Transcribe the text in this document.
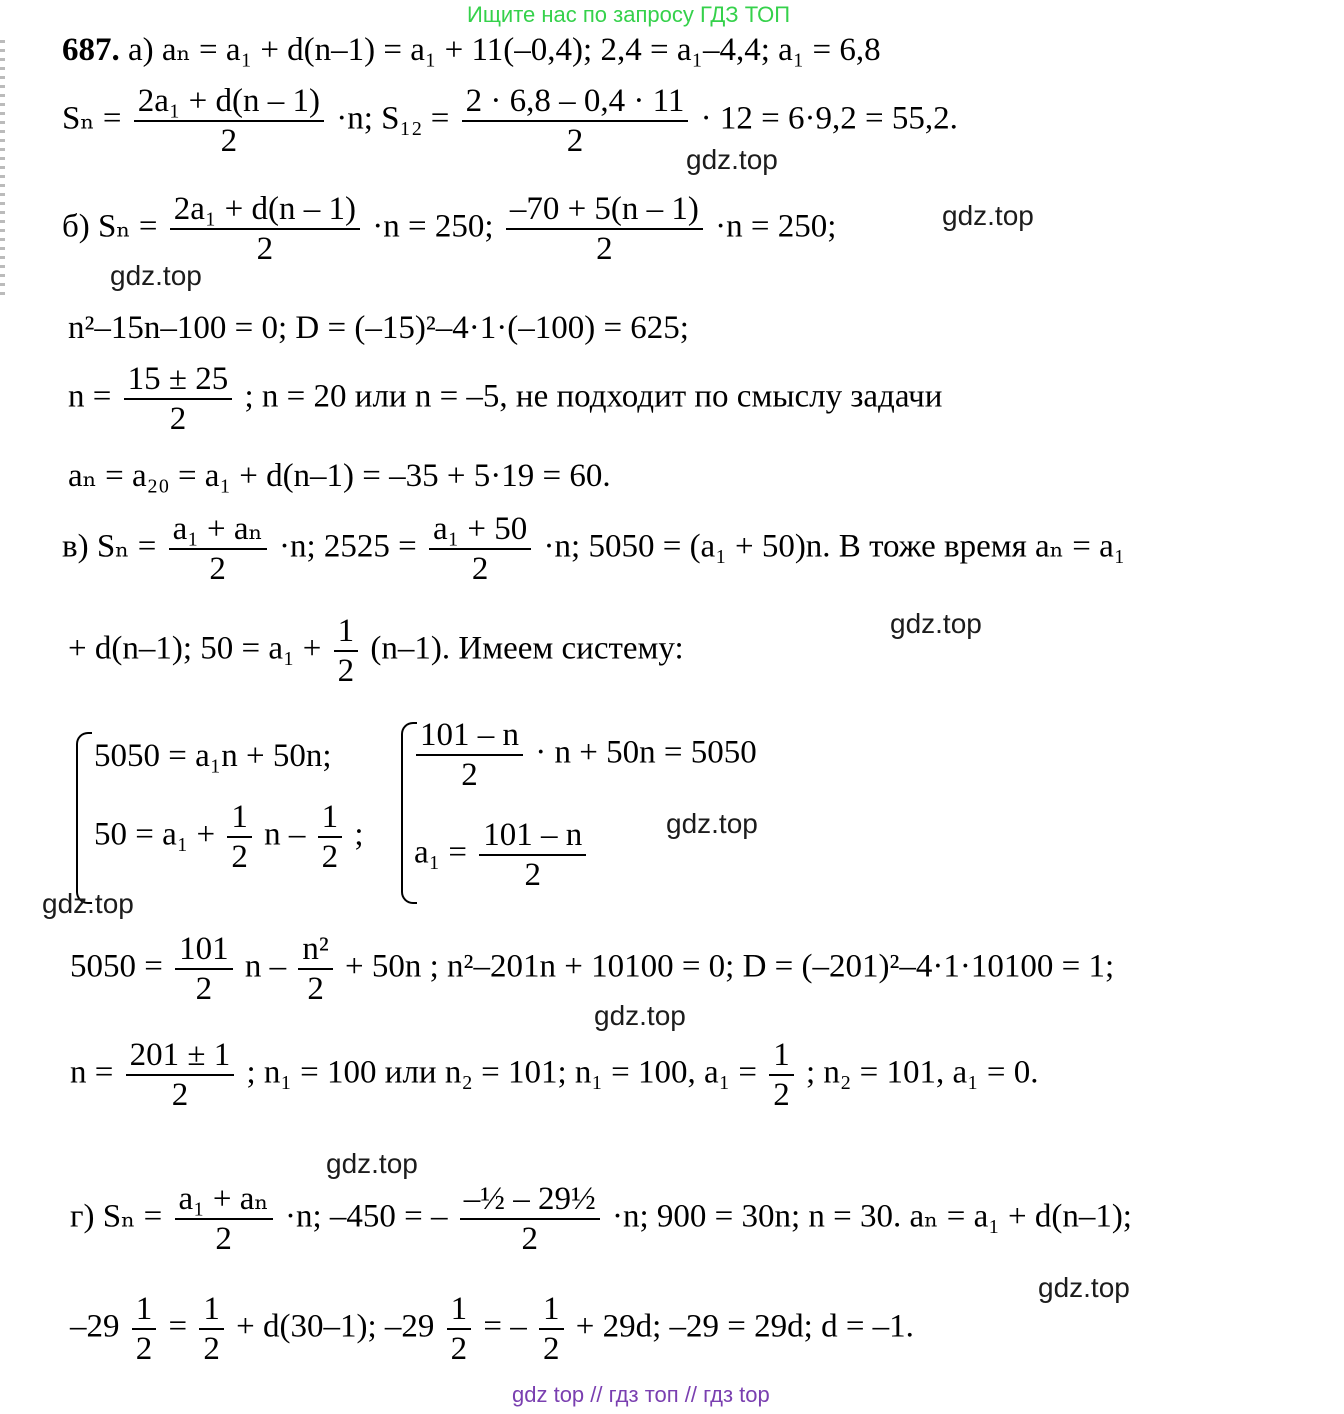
Ищите нас по запросу ГДЗ ТОП
687. а) aₙ = a₁ + d(n–1) = a₁ + 11(–0,4); 2,4 = a₁–4,4; a₁ = 6,8
$S_n = \frac{\text{2a₁ + d(n – 1)}}{2} \cdot n$; $S_{12} = \frac{2 \cdot 6,8 - 0,4 \cdot 11}{2} \cdot 12 = 6\cdot 9,2 = 55,2$.
б) $S_n = \frac{\text{2a₁ + d(n – 1)}}{2} \cdot n = 250$; $\frac{-70 + 5(n - 1)}{2} \cdot n = 250$;
n²–15n–100 = 0; D = (–15)²–4·1·(–100) = 625;
$n = \frac{15 \pm 25}{2}$ ; n = 20 или n = –5, не подходит по смыслу задачи
aₙ = a₂₀ = a₁ + d(n–1) = –35 + 5·19 = 60.
в) $S_n = \frac{\text{a₁ + aₙ}}{2} \cdot n$; $2525 = \frac{\text{a₁ + 50}}{2} \cdot n$; 5050 = (a₁ + 50)n. В тоже время aₙ = a₁
+ d(n–1); $50 = a_1 + \frac{1}{2} (n-1)$. Имеем систему:
5050 = a₁n + 50n;
$50 = a_1 + \frac{1}{2}$ n – $\frac{1}{2}$ ;
$\frac{101 - n}{2} \cdot n + 50n = 5050$
$a_1 = \frac{101 - n}{2}$
$5050 = \frac{101}{2}$ $n - \frac{\text{n²}}{2} + 50n$ ; n²–201n + 10100 = 0; D = (–201)²–4·1·10100 = 1;
$n = \frac{201 \pm 1}{2}$ ; n₁ = 100 или n₂ = 101; n₁ = 100, $a_1 = \frac{1}{2}$ ; n₂ = 101, a₁ = 0.
г) $S_n = \frac{\text{a₁ + aₙ}}{2} \cdot n$; –450 = – $\frac{\text{–½ – 29½}}{2} \cdot n$; 900 = 30n; n = 30. aₙ = a₁ + d(n–1);
$-29 \frac{1}{2} = \frac{1}{2} + d(30-1)$; $-29 \frac{1}{2}$ = – $\frac{1}{2} + 29d$; –29 = 29d; d = –1.
gdz.top
gdz.top
gdz.top
gdz.top
gdz.top
gdz.top
gdz.top
gdz.top
gdz.top
gdz top // гдз топ // гдз top
